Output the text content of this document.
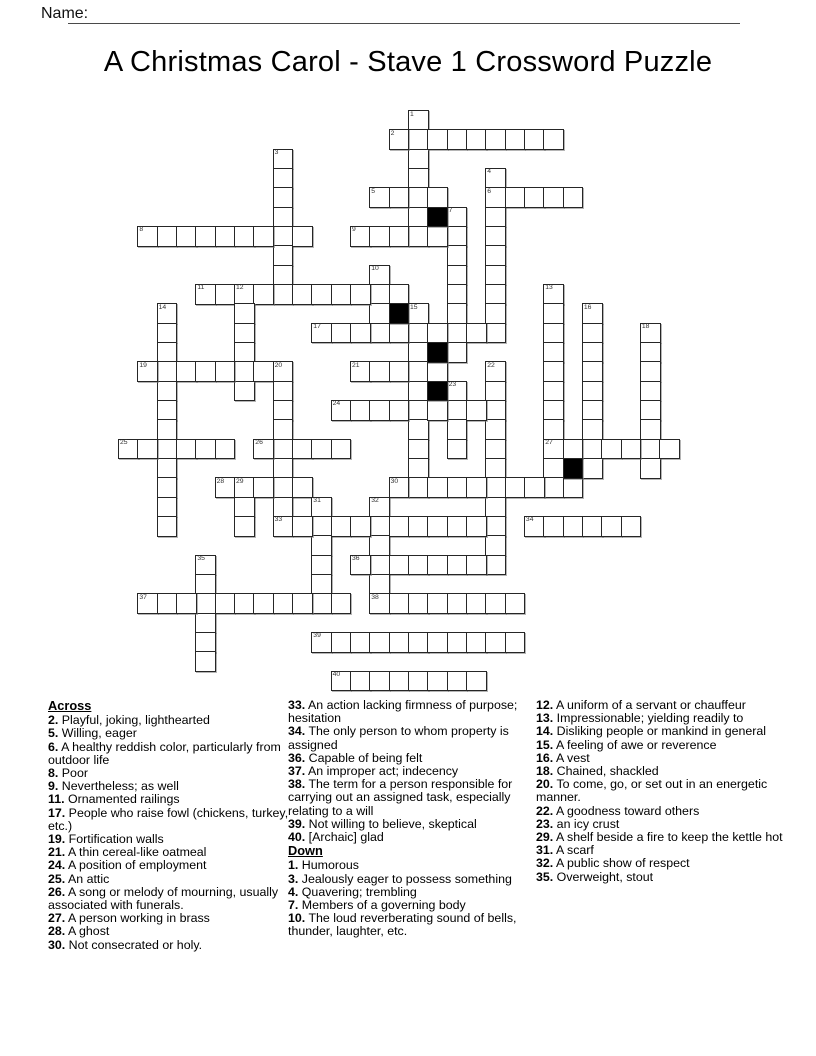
Name:
A Christmas Carol - Stave 1 Crossword Puzzle
1
2
3
4
6
5
7
8	9
10
11	12	13
27
14	15	16
17	18
19	20
33
21	22
23
24
25	26
28 29	30
31	32
38
34
35	36
37
39
40
Across
2. Playful, joking, lighthearted
5. Willing, eager
6. A healthy reddish color, particularly from outdoor life
8. Poor
9. Nevertheless; as well
11. Ornamented railings
17. People who raise fowl (chickens, turkey, etc.)
19. Fortification walls
21. A thin cereal-like oatmeal
24. A position of employment
25. An attic
26. A song or melody of mourning, usually associated with funerals.
27. A person working in brass
28. A ghost
30. Not consecrated or holy.
33. An action lacking firmness of purpose; hesitation
34. The only person to whom property is assigned
36. Capable of being felt
37. An improper act; indecency
38. The term for a person responsible for carrying out an assigned task, especially relating to a will
39. Not willing to believe, skeptical
40. [Archaic] glad
Down
1. Humorous
3. Jealously eager to possess something
4. Quavering; trembling
7. Members of a governing body
10. The loud reverberating sound of bells, thunder, laughter, etc.
12. A uniform of a servant or chauffeur
13. Impressionable; yielding readily to
14. Disliking people or mankind in general
15. A feeling of awe or reverence
16. A vest
18. Chained, shackled
20. To come, go, or set out in an energetic manner.
22. A goodness toward others
23. an icy crust
29. A shelf beside a fire to keep the kettle hot
31. A scarf
32. A public show of respect
35. Overweight, stout
